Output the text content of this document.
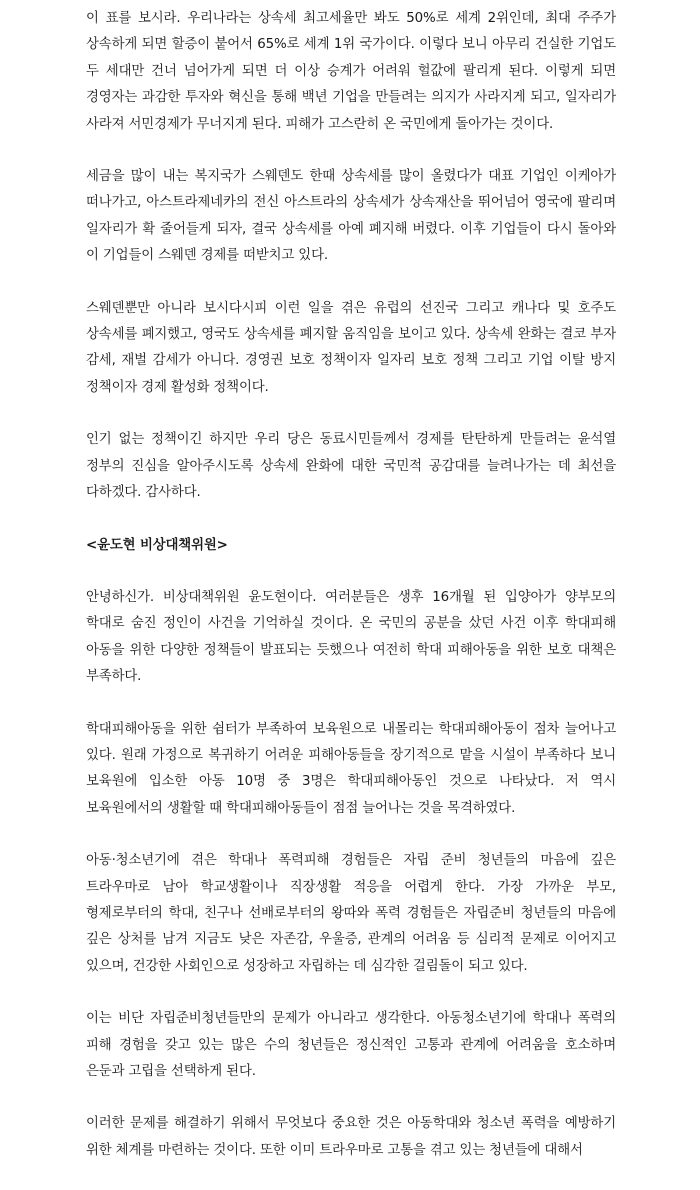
이 표를 보시라. 우리나라는 상속세 최고세율만 봐도 50%로 세계 2위인데, 최대 주주가 상속하게 되면 할증이 붙어서 65%로 세계 1위 국가이다. 이렇다 보니 아무리 건실한 기업도 두 세대만 건너 넘어가게 되면 더 이상 승계가 어려워 헐값에 팔리게 된다. 이렇게 되면 경영자는 과감한 투자와 혁신을 통해 백년 기업을 만들려는 의지가 사라지게 되고, 일자리가 사라져 서민경제가 무너지게 된다. 피해가 고스란히 온 국민에게 돌아가는 것이다.

세금을 많이 내는 복지국가 스웨덴도 한때 상속세를 많이 올렸다가 대표 기업인 이케아가 떠나가고, 아스트라제네카의 전신 아스트라의 상속세가 상속재산을 뛰어넘어 영국에 팔리며 일자리가 확 줄어들게 되자, 결국 상속세를 아예 폐지해 버렸다. 이후 기업들이 다시 돌아와 이 기업들이 스웨덴 경제를 떠받치고 있다.

스웨덴뿐만 아니라 보시다시피 이런 일을 겪은 유럽의 선진국 그리고 캐나다 및 호주도 상속세를 폐지했고, 영국도 상속세를 폐지할 움직임을 보이고 있다. 상속세 완화는 결코 부자 감세, 재벌 감세가 아니다. 경영권 보호 정책이자 일자리 보호 정책 그리고 기업 이탈 방지 정책이자 경제 활성화 정책이다.

인기 없는 정책이긴 하지만 우리 당은 동료시민들께서 경제를 탄탄하게 만들려는 윤석열 정부의 진심을 알아주시도록 상속세 완화에 대한 국민적 공감대를 늘려나가는 데 최선을 다하겠다. 감사하다.

<윤도현 비상대책위원>

안녕하신가. 비상대책위원 윤도현이다. 여러분들은 생후 16개월 된 입양아가 양부모의 학대로 숨진 정인이 사건을 기억하실 것이다. 온 국민의 공분을 샀던 사건 이후 학대피해 아동을 위한 다양한 정책들이 발표되는 듯했으나 여전히 학대 피해아동을 위한 보호 대책은 부족하다.

학대피해아동을 위한 쉼터가 부족하여 보육원으로 내몰리는 학대피해아동이 점차 늘어나고 있다. 원래 가정으로 복귀하기 어려운 피해아동들을 장기적으로 맡을 시설이 부족하다 보니 보육원에 입소한 아동 10명 중 3명은 학대피해아동인 것으로 나타났다. 저 역시 보육원에서의 생활할 때 학대피해아동들이 점점 늘어나는 것을 목격하였다.

아동·청소년기에 겪은 학대나 폭력피해 경험들은 자립 준비 청년들의 마음에 깊은 트라우마로 남아 학교생활이나 직장생활 적응을 어렵게 한다. 가장 가까운 부모, 형제로부터의 학대, 친구나 선배로부터의 왕따와 폭력 경험들은 자립준비 청년들의 마음에 깊은 상처를 남겨 지금도 낮은 자존감, 우울증, 관계의 어려움 등 심리적 문제로 이어지고 있으며, 건강한 사회인으로 성장하고 자립하는 데 심각한 걸림돌이 되고 있다.

이는 비단 자립준비청년들만의 문제가 아니라고 생각한다. 아동청소년기에 학대나 폭력의 피해 경험을 갖고 있는 많은 수의 청년들은 정신적인 고통과 관계에 어려움을 호소하며 은둔과 고립을 선택하게 된다.

이러한 문제를 해결하기 위해서 무엇보다 중요한 것은 아동학대와 청소년 폭력을 예방하기 위한 체계를 마련하는 것이다. 또한 이미 트라우마로 고통을 겪고 있는 청년들에 대해서
